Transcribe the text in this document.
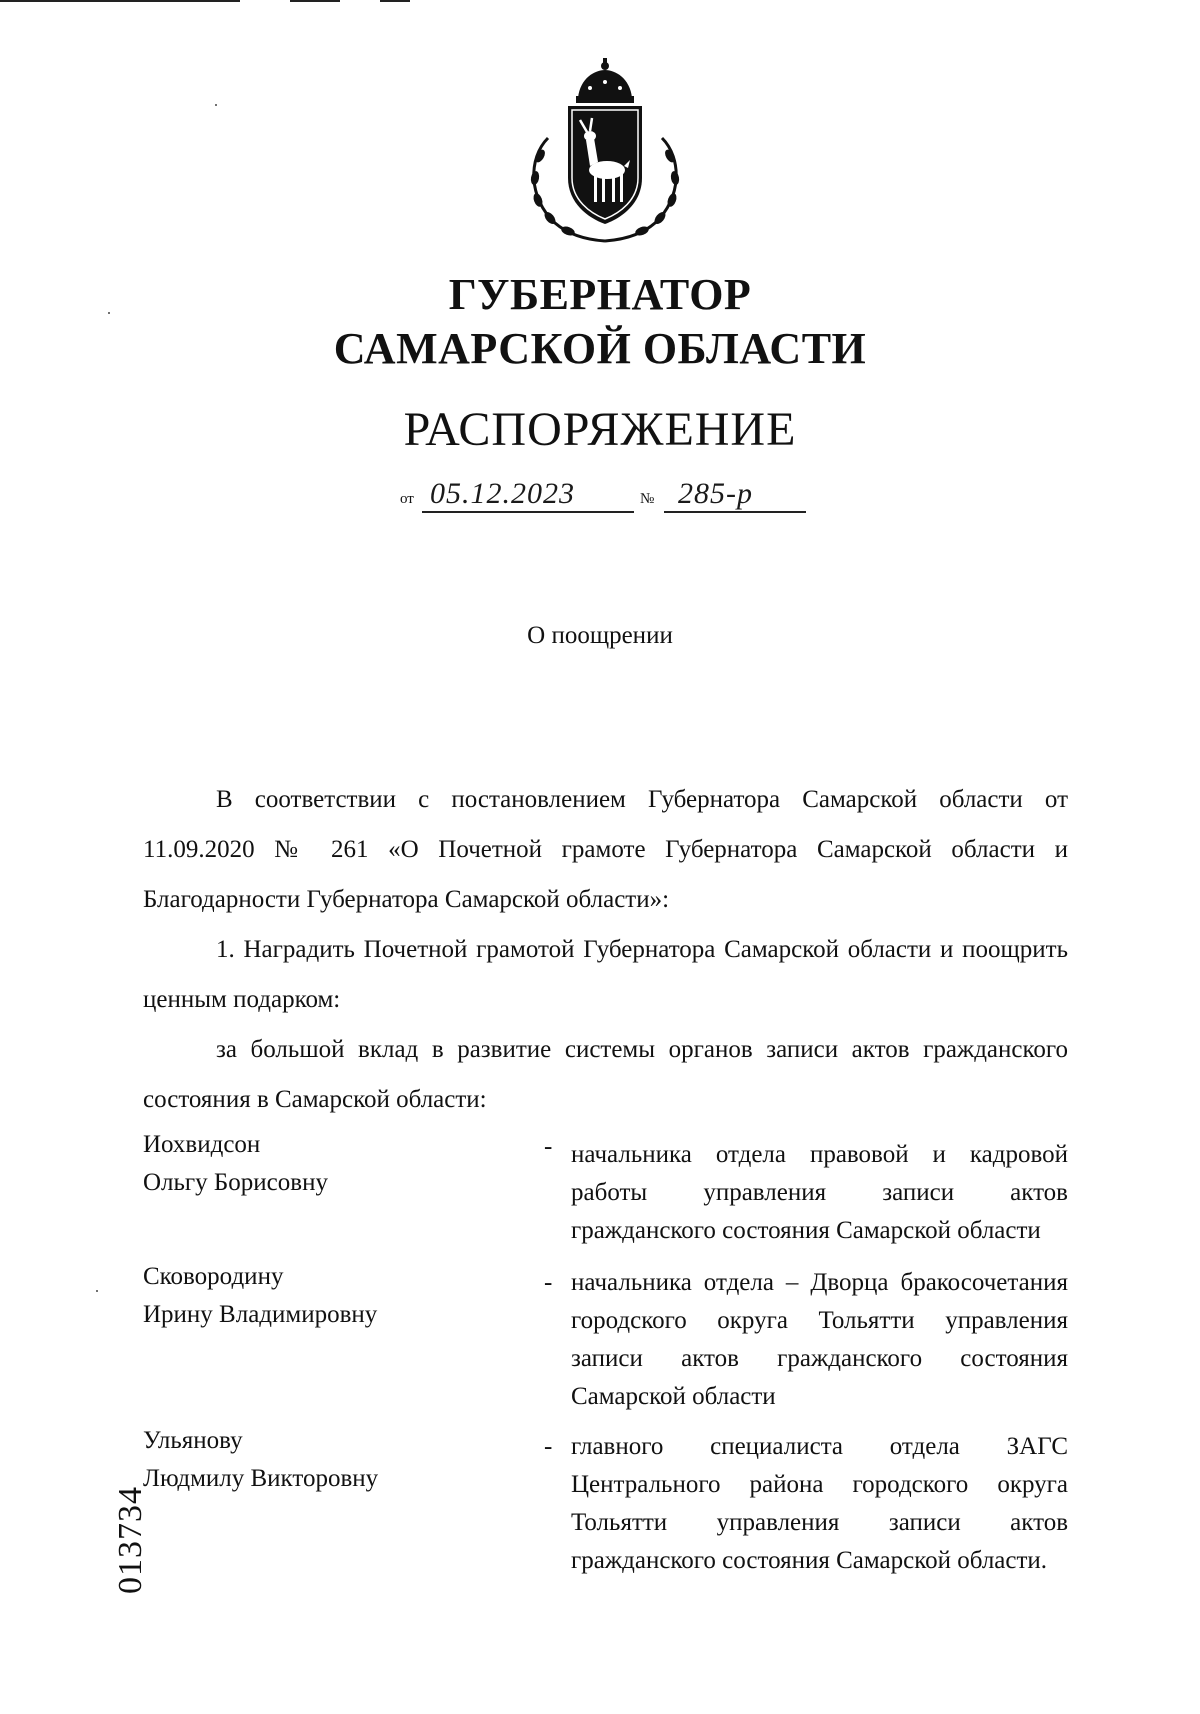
ГУБЕРНАТОР
САМАРСКОЙ ОБЛАСТИ
РАСПОРЯЖЕНИЕ
от 05.12.2023	№ 285-р
О поощрении
В соответствии с постановлением Губернатора Самарской области от 11.09.2020 № 261 «О Почетной грамоте Губернатора Самарской области и Благодарности Губернатора Самарской области»:
1. Наградить Почетной грамотой Губернатора Самарской области и поощрить ценным подарком:
за большой вклад в развитие системы органов записи актов гражданского состояния в Самарской области:
Иохвидсон
Ольгу Борисовну
- начальника отдела правовой и кадровой работы управления записи актов гражданского состояния Самарской области
Сковородину
Ирину Владимировну
- начальника отдела – Дворца бракосочетания городского округа Тольятти управления записи актов гражданского состояния Самарской области
Ульянову
Людмилу Викторовну
- главного специалиста отдела ЗАГС Центрального района городского округа Тольятти управления записи актов гражданского состояния Самарской области.
013734
